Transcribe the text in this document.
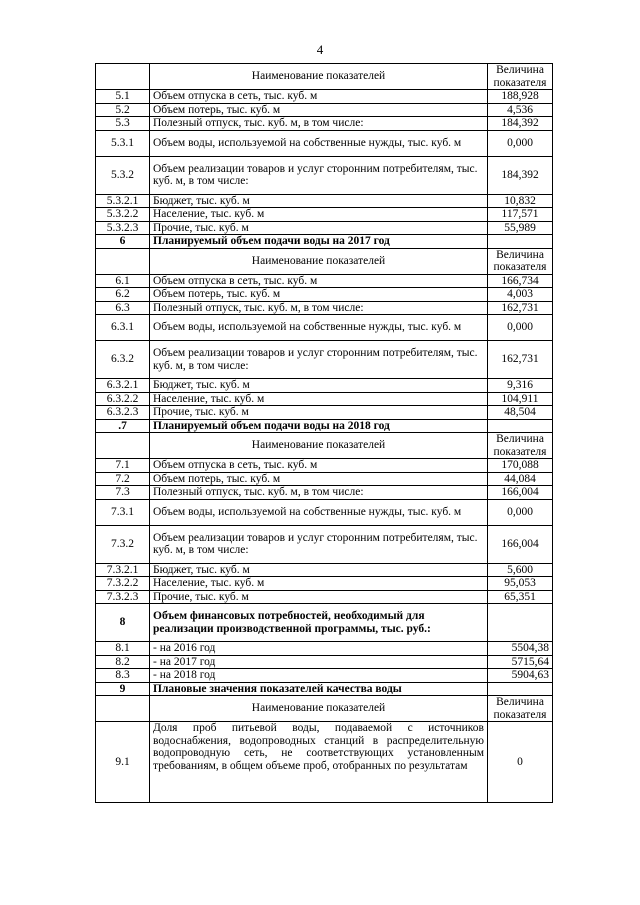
4
	Наименование показателей	Величина показателя
5.1	Объем отпуска в сеть, тыс. куб. м	188,928
5.2	Объем потерь, тыс. куб. м	4,536
5.3	Полезный отпуск, тыс. куб. м, в том числе:	184,392
5.3.1	Объем воды, используемой на собственные нужды, тыс. куб. м	0,000
5.3.2	Объем реализации товаров и услуг сторонним потребителям, тыс. куб. м, в том числе:	184,392
5.3.2.1	Бюджет, тыс. куб. м	10,832
5.3.2.2	Население, тыс. куб. м	117,571
5.3.2.3	Прочие, тыс. куб. м	55,989
6	Планируемый объем подачи воды на 2017 год	
	Наименование показателей	Величина показателя
6.1	Объем отпуска в сеть, тыс. куб. м	166,734
6.2	Объем потерь, тыс. куб. м	4,003
6.3	Полезный отпуск, тыс. куб. м, в том числе:	162,731
6.3.1	Объем воды, используемой на собственные нужды, тыс. куб. м	0,000
6.3.2	Объем реализации товаров и услуг сторонним потребителям, тыс. куб. м, в том числе:	162,731
6.3.2.1	Бюджет, тыс. куб. м	9,316
6.3.2.2	Население, тыс. куб. м	104,911
6.3.2.3	Прочие, тыс. куб. м	48,504
.7	Планируемый объем подачи воды на 2018 год	
	Наименование показателей	Величина показателя
7.1	Объем отпуска в сеть, тыс. куб. м	170,088
7.2	Объем потерь, тыс. куб. м	44,084
7.3	Полезный отпуск, тыс. куб. м, в том числе:	166,004
7.3.1	Объем воды, используемой на собственные нужды, тыс. куб. м	0,000
7.3.2	Объем реализации товаров и услуг сторонним потребителям, тыс. куб. м, в том числе:	166,004
7.3.2.1	Бюджет, тыс. куб. м	5,600
7.3.2.2	Население, тыс. куб. м	95,053
7.3.2.3	Прочие, тыс. куб. м	65,351
8	Объем финансовых потребностей, необходимый для реализации производственной программы, тыс. руб.:	
8.1	- на 2016 год	5504,38
8.2	- на 2017 год	5715,64
8.3	- на 2018 год	5904,63
9	Плановые значения показателей качества воды	
	Наименование показателей	Величина показателя
9.1	Доля проб питьевой воды, подаваемой с источников водоснабжения, водопроводных станций в распределительную водопроводную сеть, не соответствующих установленным требованиям, в общем объеме проб, отобранных по результатам	0
